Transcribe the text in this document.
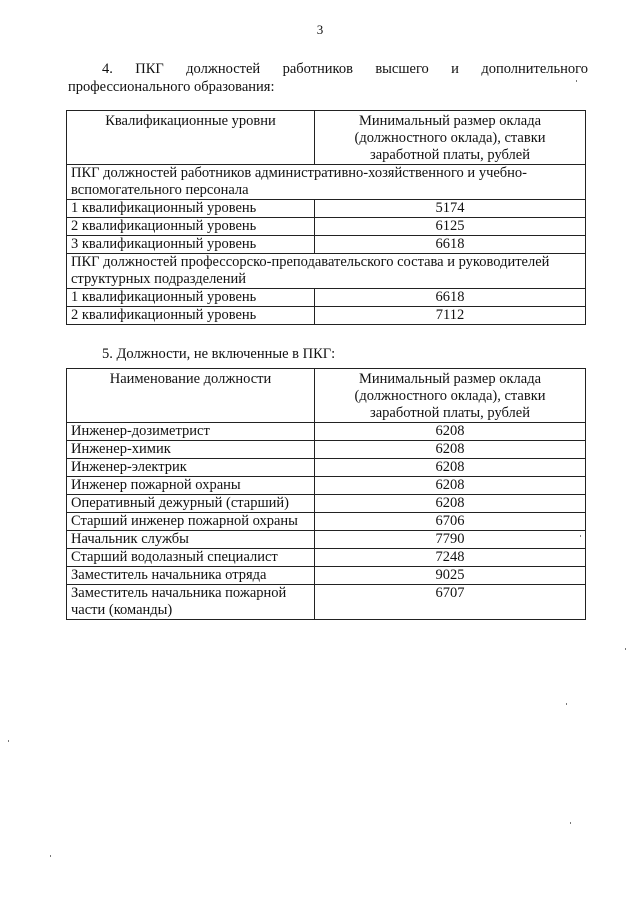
3
4. ПКГ должностей работников высшего и дополнительного
профессионального образования:
Квалификационные уровни	Минимальный размер оклада
(должностного оклада), ставки
заработной платы, рублей

ПКГ должностей работников административно-хозяйственного и учебно-
вспомогательного персонала	

1 квалификационный уровень	5174
2 квалификационный уровень	6125
3 квалификационный уровень	6618

ПКГ должностей профессорско-преподавательского состава и руководителей
структурных подразделений	

1 квалификационный уровень	6618
2 квалификационный уровень	7112
5. Должности, не включенные в ПКГ:
Наименование должности	Минимальный размер оклада
(должностного оклада), ставки
заработной платы, рублей

Инженер-дозиметрист	6208
Инженер-химик	6208
Инженер-электрик	6208
Инженер пожарной охраны	6208
Оперативный дежурный (старший)	6208
Старший инженер пожарной охраны	6706
Начальник службы	7790
Старший водолазный специалист	7248
Заместитель начальника отряда	9025

Заместитель начальника пожарной
части (команды)	6707
